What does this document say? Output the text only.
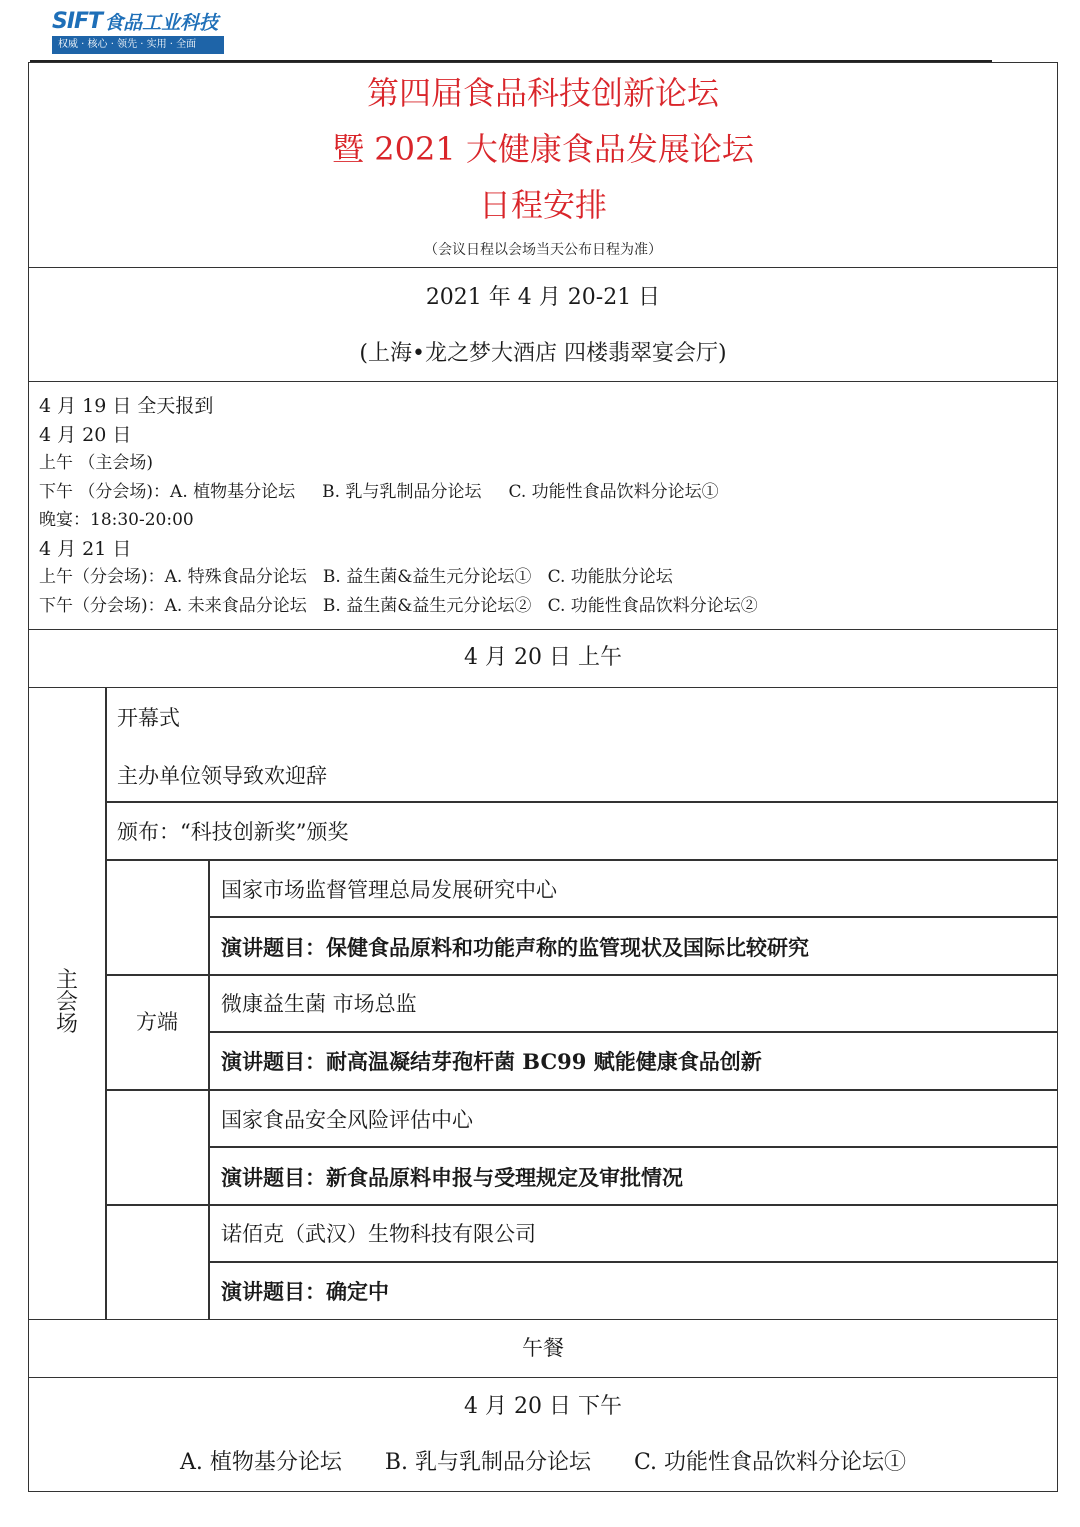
SIFT 食品工业科技
权威 · 核心 · 领先 · 实用 · 全面
第四届食品科技创新论坛
暨 2021 大健康食品发展论坛
日程安排
（会议日程以会场当天公布日程为准）
2021 年 4 月 20-21 日
(上海•龙之梦大酒店 四楼翡翠宴会厅)
4 月 19 日 全天报到
4 月 20 日
上午 （主会场)
下午 （分会场)：A. 植物基分论坛     B. 乳与乳制品分论坛     C. 功能性食品饮料分论坛①
晚宴：18:30-20:00
4 月 21 日
上午（分会场)：A. 特殊食品分论坛   B. 益生菌&益生元分论坛①   C. 功能肽分论坛
下午（分会场)：A. 未来食品分论坛   B. 益生菌&益生元分论坛②   C. 功能性食品饮料分论坛②
4 月 20 日 上午
主会场
开幕式
主办单位领导致欢迎辞
颁布：“科技创新奖”颁奖
方端
国家市场监督管理总局发展研究中心
演讲题目：保健食品原料和功能声称的监管现状及国际比较研究
微康益生菌 市场总监
演讲题目：耐高温凝结芽孢杆菌 BC99 赋能健康食品创新
国家食品安全风险评估中心
演讲题目：新食品原料申报与受理规定及审批情况
诺佰克（武汉）生物科技有限公司
演讲题目：确定中
午餐
4 月 20 日 下午
A. 植物基分论坛 B. 乳与乳制品分论坛 C. 功能性食品饮料分论坛①
